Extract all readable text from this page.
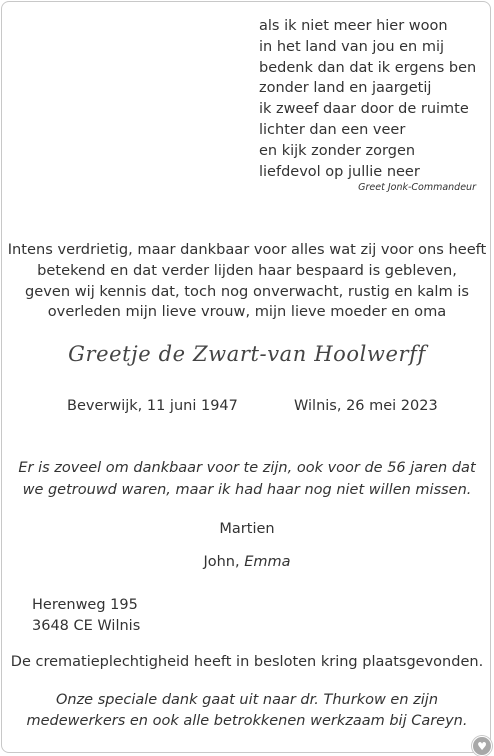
als ik niet meer hier woon
in het land van jou en mij
bedenk dan dat ik ergens ben
zonder land en jaargetij
ik zweef daar door de ruimte
lichter dan een veer
en kijk zonder zorgen
liefdevol op jullie neer
Greet Jonk-Commandeur
Intens verdrietig, maar dankbaar voor alles wat zij voor ons heeft
betekend en dat verder lijden haar bespaard is gebleven,
geven wij kennis dat, toch nog onverwacht, rustig en kalm is
overleden mijn lieve vrouw, mijn lieve moeder en oma
Greetje de Zwart-van Hoolwerff
Beverwijk, 11 juni 1947	Wilnis, 26 mei 2023
Er is zoveel om dankbaar voor te zijn, ook voor de 56 jaren dat
we getrouwd waren, maar ik had haar nog niet willen missen.
Martien
John, Emma
Herenweg 195
3648 CE Wilnis
De crematieplechtigheid heeft in besloten kring plaatsgevonden.
Onze speciale dank gaat uit naar dr. Thurkow en zijn
medewerkers en ook alle betrokkenen werkzaam bij Careyn.
♥
